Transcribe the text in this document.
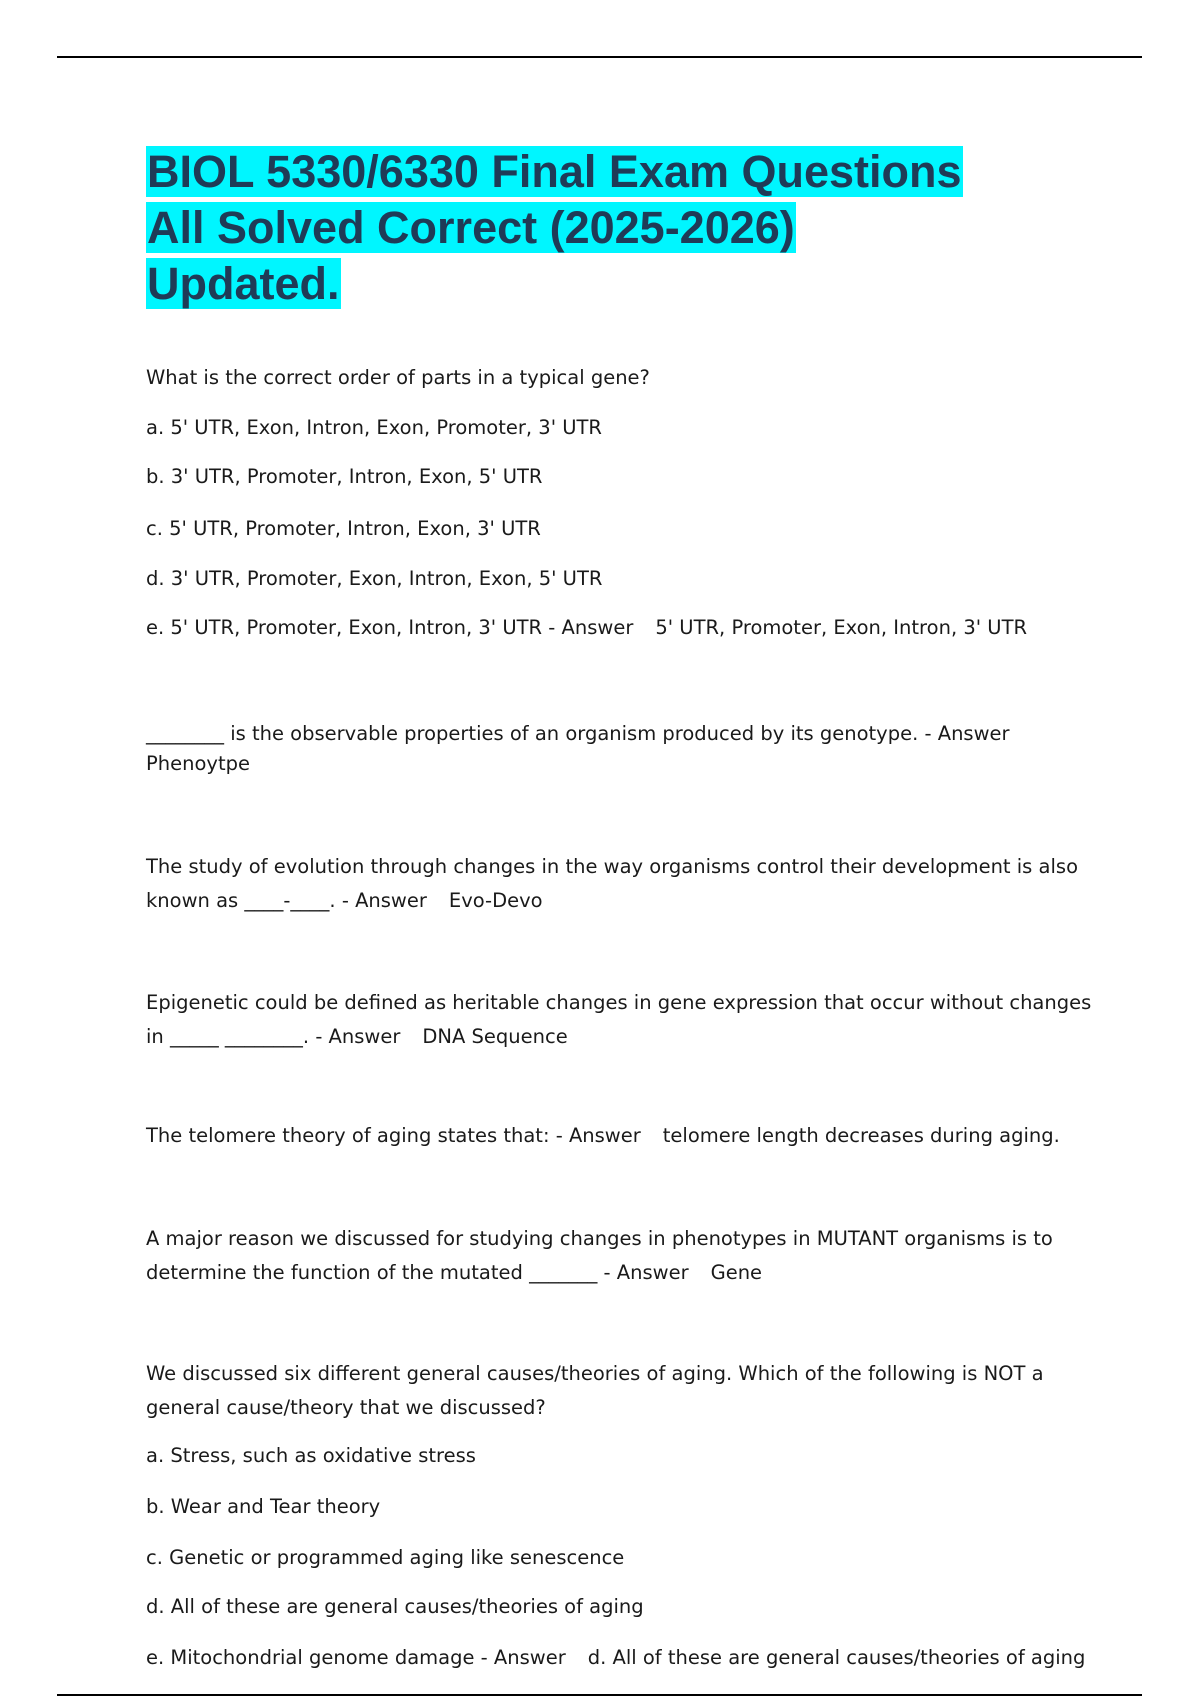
BIOL 5330/6330 Final Exam Questions
All Solved Correct (2025-2026)
Updated.
What is the correct order of parts in a typical gene?
a. 5' UTR, Exon, Intron, Exon, Promoter, 3' UTR
b. 3' UTR, Promoter, Intron, Exon, 5' UTR
c. 5' UTR, Promoter, Intron, Exon, 3' UTR
d. 3' UTR, Promoter, Exon, Intron, Exon, 5' UTR
e. 5' UTR, Promoter, Exon, Intron, 3' UTR - Answer 5' UTR, Promoter, Exon, Intron, 3' UTR
________ is the observable properties of an organism produced by its genotype. - Answer
Phenoytpe
The study of evolution through changes in the way organisms control their development is also
known as ____-____. - Answer Evo-Devo
Epigenetic could be defined as heritable changes in gene expression that occur without changes
in _____ ________. - Answer DNA Sequence
The telomere theory of aging states that: - Answer telomere length decreases during aging.
A major reason we discussed for studying changes in phenotypes in MUTANT organisms is to
determine the function of the mutated _______ - Answer Gene
We discussed six different general causes/theories of aging. Which of the following is NOT a
general cause/theory that we discussed?
a. Stress, such as oxidative stress
b. Wear and Tear theory
c. Genetic or programmed aging like senescence
d. All of these are general causes/theories of aging
e. Mitochondrial genome damage - Answer d. All of these are general causes/theories of aging
